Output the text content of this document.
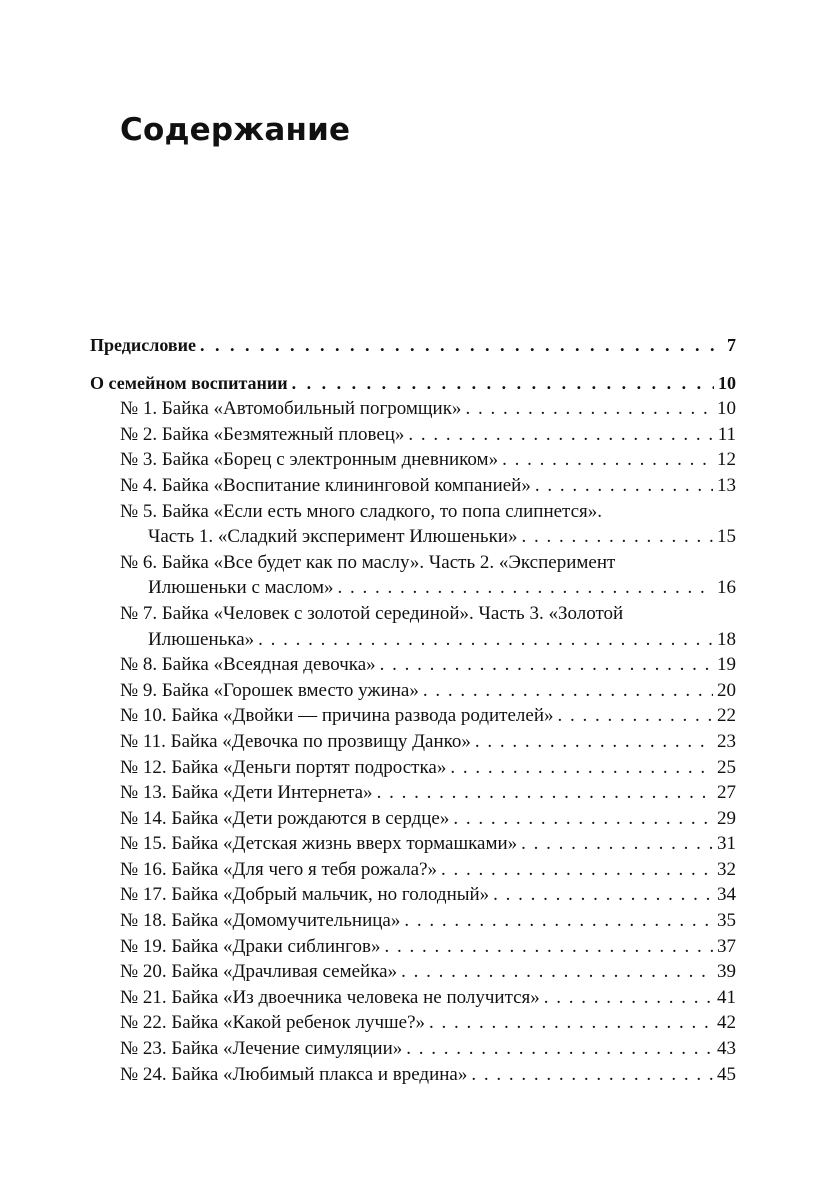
Содержание
Предисловие . . .	7
О семейном воспитании . . .	10
№ 1. Байка «Автомобильный погромщик» . . .	10
№ 2. Байка «Безмятежный пловец» . . .	11
№ 3. Байка «Борец с электронным дневником» . . .	12
№ 4. Байка «Воспитание клининговой компанией» . . .	13
№ 5. Байка «Если есть много сладкого, то попа слипнется».
Часть 1. «Сладкий эксперимент Илюшеньки» . . .	15
№ 6. Байка «Все будет как по маслу». Часть 2. «Эксперимент
Илюшеньки с маслом» . . .	16
№ 7. Байка «Человек с золотой серединой». Часть 3. «Золотой
Илюшенька» . . .	18
№ 8. Байка «Всеядная девочка» . . .	19
№ 9. Байка «Горошек вместо ужина» . . .	20
№ 10. Байка «Двойки — причина развода родителей» . . .	22
№ 11. Байка «Девочка по прозвищу Данко» . . .	23
№ 12. Байка «Деньги портят подростка» . . .	25
№ 13. Байка «Дети Интернета» . . .	27
№ 14. Байка «Дети рождаются в сердце» . . .	29
№ 15. Байка «Детская жизнь вверх тормашками» . . .	31
№ 16. Байка «Для чего я тебя рожала?» . . .	32
№ 17. Байка «Добрый мальчик, но голодный» . . .	34
№ 18. Байка «Домомучительница» . . .	35
№ 19. Байка «Драки сиблингов» . . .	37
№ 20. Байка «Драчливая семейка» . . .	39
№ 21. Байка «Из двоечника человека не получится» . . .	41
№ 22. Байка «Какой ребенок лучше?» . . .	42
№ 23. Байка «Лечение симуляции» . . .	43
№ 24. Байка «Любимый плакса и вредина» . . .	45
